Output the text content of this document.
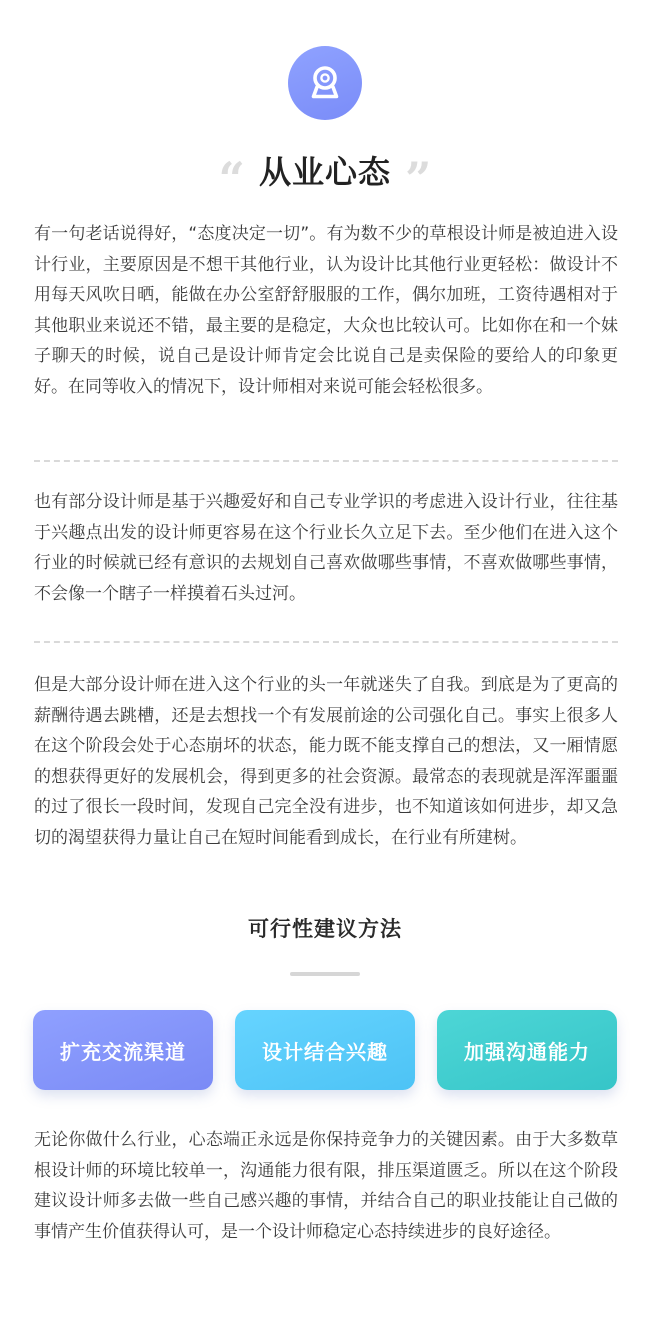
“ 从业心态 ”

有一句老话说得好，“态度决定一切”。有为数不少的草根设计师是被迫进入设计行业，主要原因是不想干其他行业，认为设计比其他行业更轻松：做设计不用每天风吹日晒，能做在办公室舒舒服服的工作，偶尔加班，工资待遇相对于其他职业来说还不错，最主要的是稳定，大众也比较认可。比如你在和一个妹子聊天的时候，说自己是设计师肯定会比说自己是卖保险的要给人的印象更好。在同等收入的情况下，设计师相对来说可能会轻松很多。

也有部分设计师是基于兴趣爱好和自己专业学识的考虑进入设计行业，往往基于兴趣点出发的设计师更容易在这个行业长久立足下去。至少他们在进入这个行业的时候就已经有意识的去规划自己喜欢做哪些事情，不喜欢做哪些事情，不会像一个瞎子一样摸着石头过河。

但是大部分设计师在进入这个行业的头一年就迷失了自我。到底是为了更高的薪酬待遇去跳槽，还是去想找一个有发展前途的公司强化自己。事实上很多人在这个阶段会处于心态崩坏的状态，能力既不能支撑自己的想法，又一厢情愿的想获得更好的发展机会，得到更多的社会资源。最常态的表现就是浑浑噩噩的过了很长一段时间，发现自己完全没有进步，也不知道该如何进步，却又急切的渴望获得力量让自己在短时间能看到成长，在行业有所建树。

可行性建议方法
扩充交流渠道	设计结合兴趣	加强沟通能力

无论你做什么行业，心态端正永远是你保持竞争力的关键因素。由于大多数草根设计师的环境比较单一，沟通能力很有限，排压渠道匮乏。所以在这个阶段建议设计师多去做一些自己感兴趣的事情，并结合自己的职业技能让自己做的事情产生价值获得认可，是一个设计师稳定心态持续进步的良好途径。
